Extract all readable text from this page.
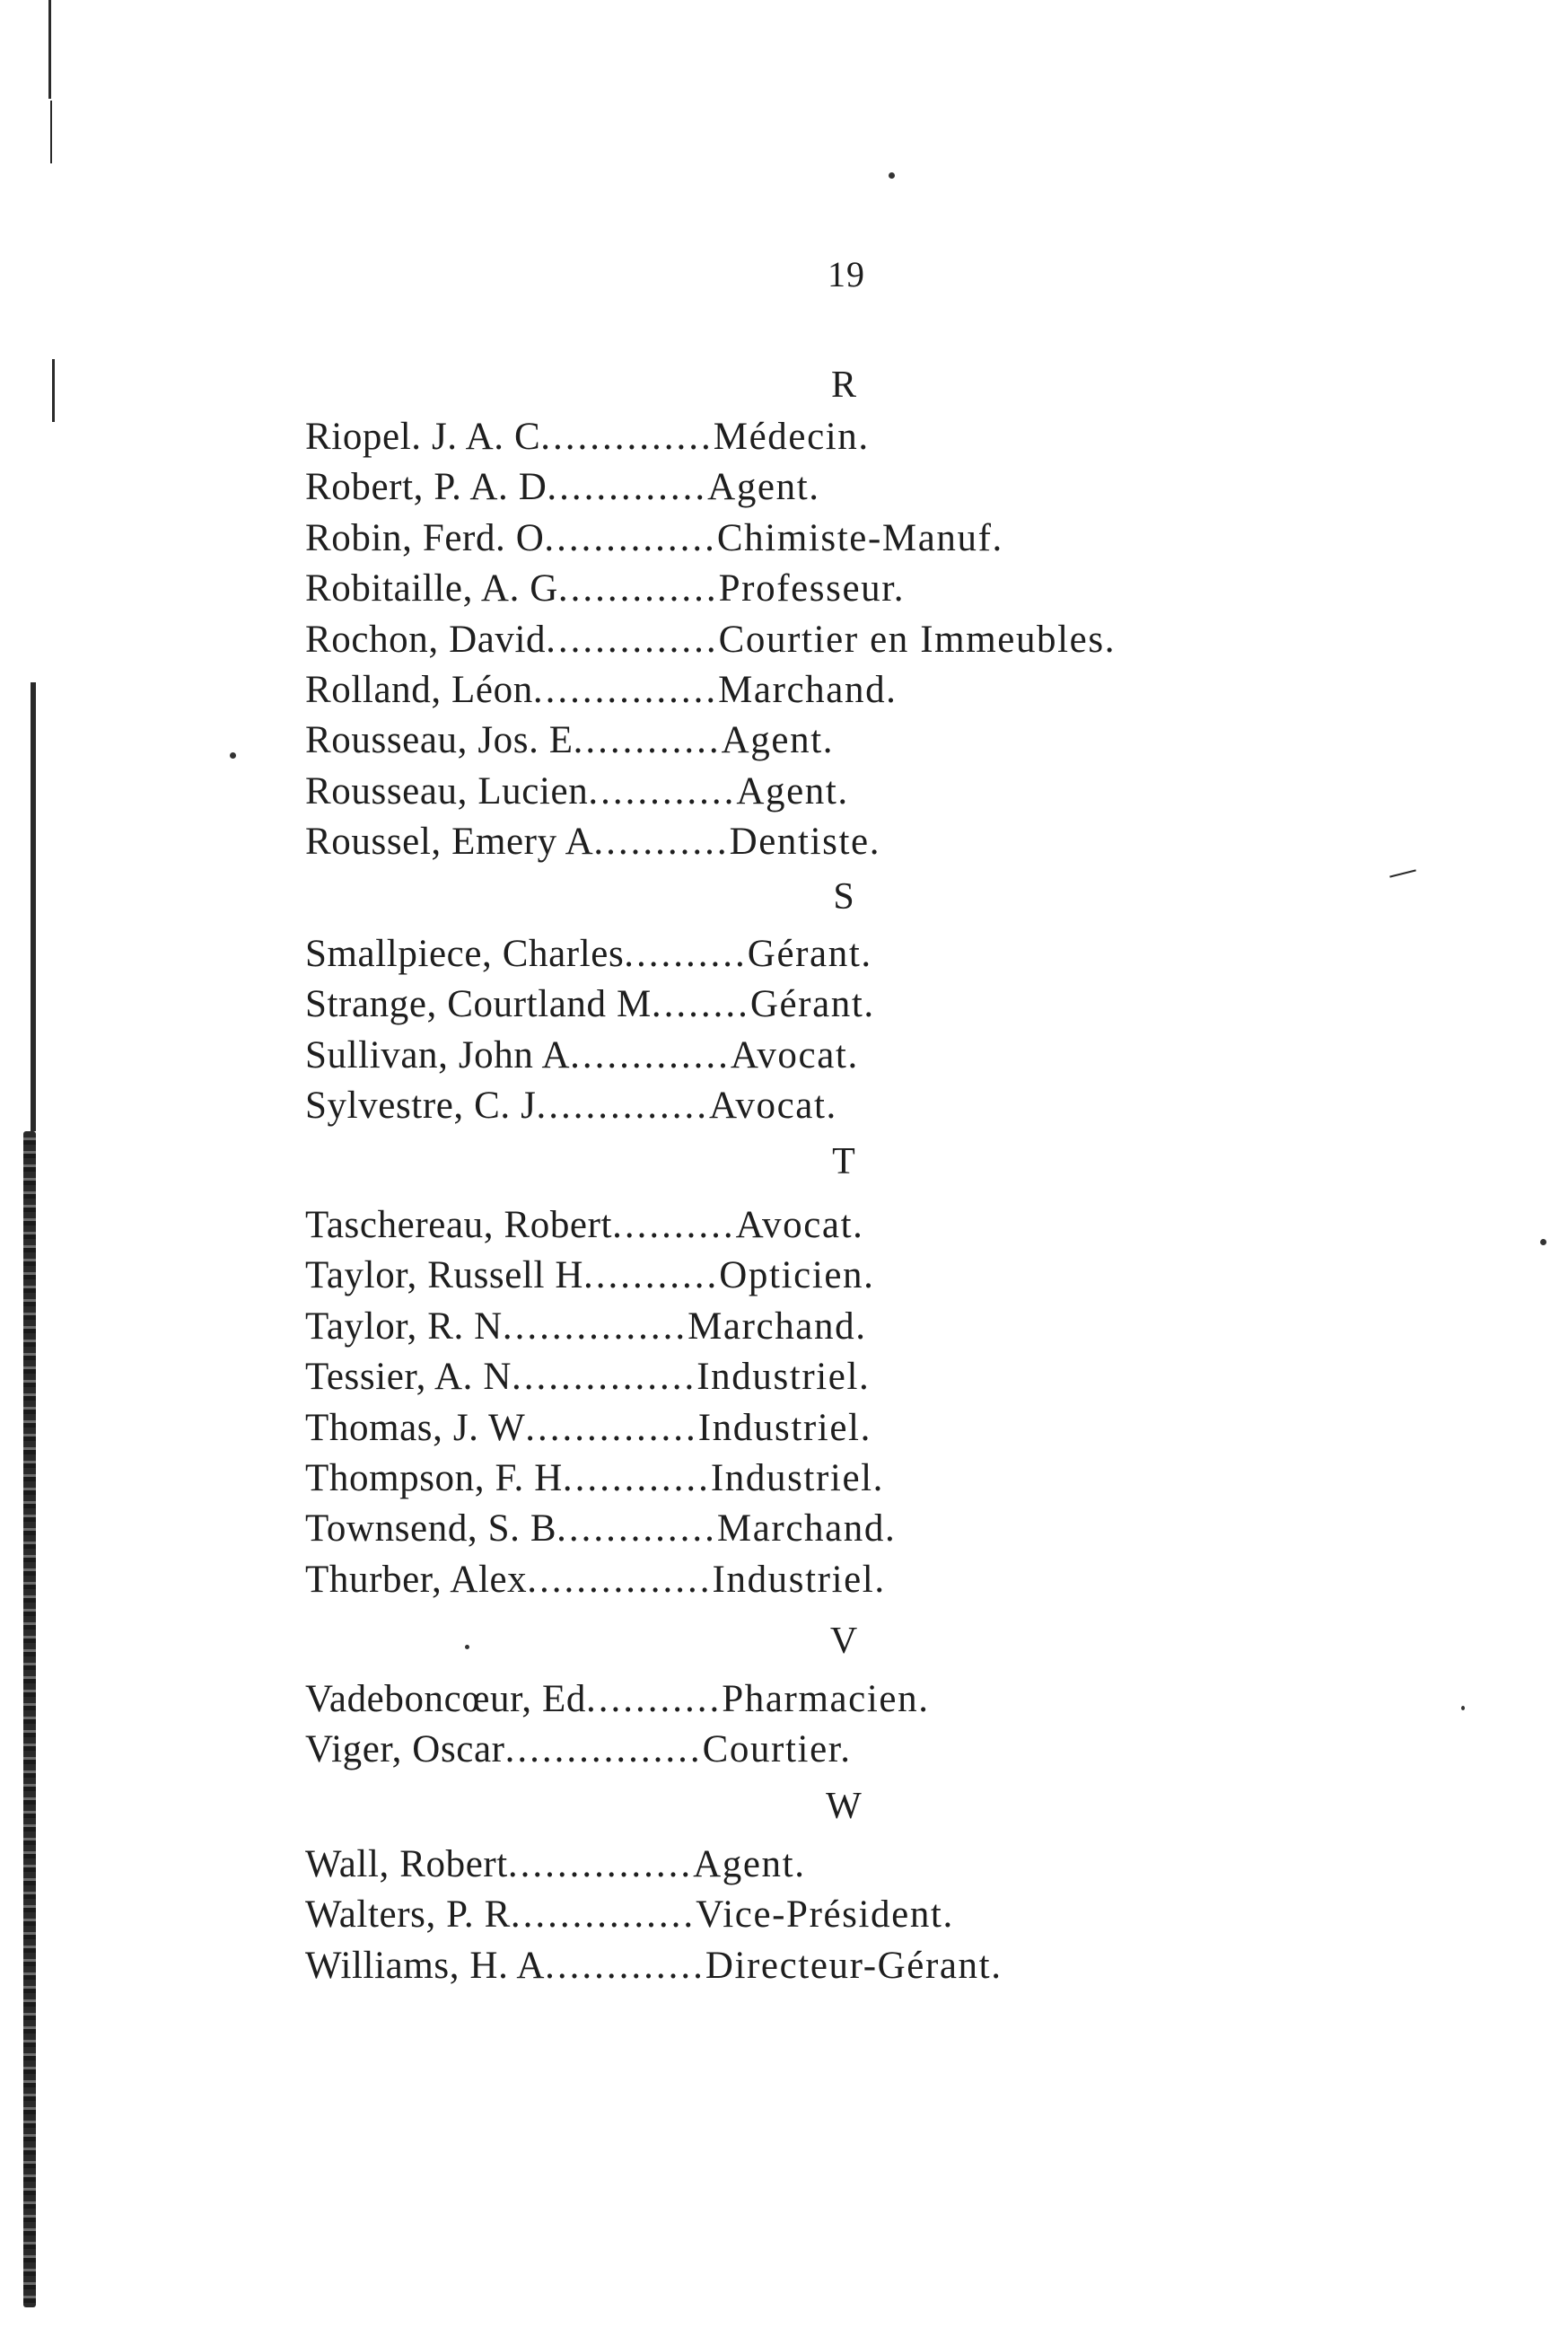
19
R
Riopel. J. A. C..............Médecin.
Robert, P. A. D.............Agent.
Robin, Ferd. O..............Chimiste-Manuf.
Robitaille, A. G.............Professeur.
Rochon, David..............Courtier en Immeubles.
Rolland, Léon...............Marchand.
Rousseau, Jos. E............Agent.
Rousseau, Lucien............Agent.
Roussel, Emery A...........Dentiste.
S
Smallpiece, Charles..........Gérant.
Strange, Courtland M........Gérant.
Sullivan, John A.............Avocat.
Sylvestre, C. J..............Avocat.
T
Taschereau, Robert..........Avocat.
Taylor, Russell H...........Opticien.
Taylor, R. N...............Marchand.
Tessier, A. N...............Industriel.
Thomas, J. W..............Industriel.
Thompson, F. H............Industriel.
Townsend, S. B.............Marchand.
Thurber, Alex...............Industriel.
V
Vadeboncœur, Ed...........Pharmacien.
Viger, Oscar................Courtier.
W
Wall, Robert...............Agent.
Walters, P. R...............Vice-Président.
Williams, H. A.............Directeur-Gérant.
